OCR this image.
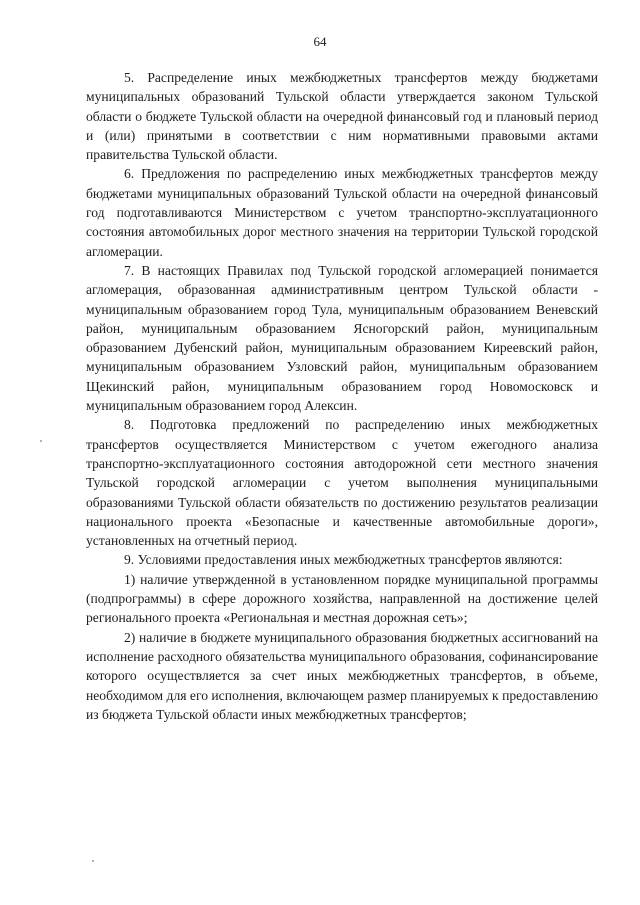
64

5. Распределение иных межбюджетных трансфертов между бюджетами муниципальных образований Тульской области утверждается законом Тульской области о бюджете Тульской области на очередной финансовый год и плановый период и (или) принятыми в соответствии с ним нормативными правовыми актами правительства Тульской области.

6. Предложения по распределению иных межбюджетных трансфертов между бюджетами муниципальных образований Тульской области на очередной финансовый год подготавливаются Министерством с учетом транспортно-эксплуатационного состояния автомобильных дорог местного значения на территории Тульской городской агломерации.

7. В настоящих Правилах под Тульской городской агломерацией понимается агломерация, образованная административным центром Тульской области - муниципальным образованием город Тула, муниципальным образованием Веневский район, муниципальным образованием Ясногорский район, муниципальным образованием Дубенский район, муниципальным образованием Киреевский район, муниципальным образованием Узловский район, муниципальным образованием Щекинский район, муниципальным образованием город Новомосковск и муниципальным образованием город Алексин.

8. Подготовка предложений по распределению иных межбюджетных трансфертов осуществляется Министерством с учетом ежегодного анализа транспортно-эксплуатационного состояния автодорожной сети местного значения Тульской городской агломерации с учетом выполнения муниципальными образованиями Тульской области обязательств по достижению результатов реализации национального проекта «Безопасные и качественные автомобильные дороги», установленных на отчетный период.

9. Условиями предоставления иных межбюджетных трансфертов являются:

1) наличие утвержденной в установленном порядке муниципальной программы (подпрограммы) в сфере дорожного хозяйства, направленной на достижение целей регионального проекта «Региональная и местная дорожная сеть»;

2) наличие в бюджете муниципального образования бюджетных ассигнований на исполнение расходного обязательства муниципального образования, софинансирование которого осуществляется за счет иных межбюджетных трансфертов, в объеме, необходимом для его исполнения, включающем размер планируемых к предоставлению из бюджета Тульской области иных межбюджетных трансфертов;
